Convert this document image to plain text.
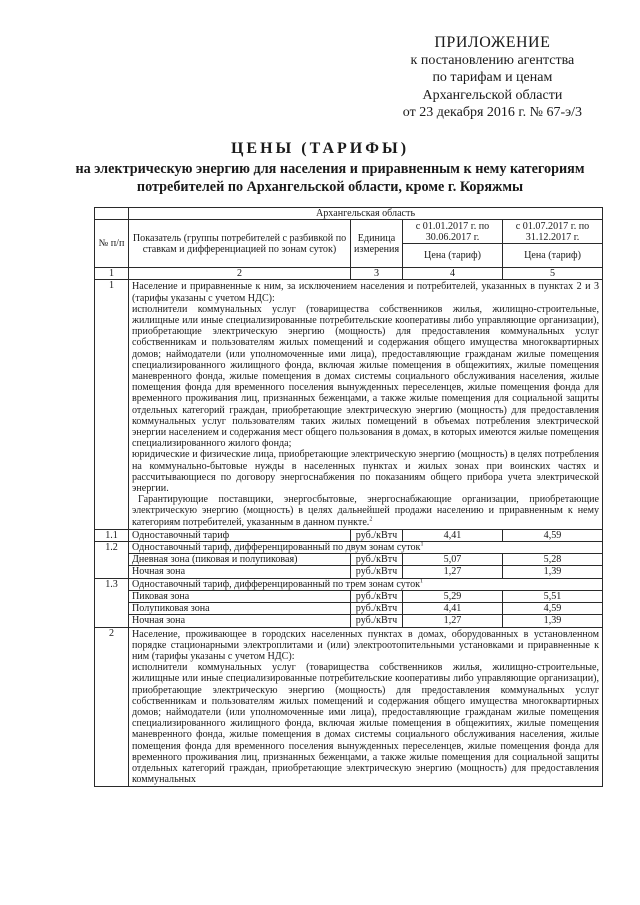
ПРИЛОЖЕНИЕ
к постановлению агентства
по тарифам и ценам
Архангельской области
от 23 декабря 2016 г. № 67-э/3
ЦЕНЫ (ТАРИФЫ)
на электрическую энергию для населения и приравненным к нему категориям потребителей по Архангельской области, кроме г. Коряжмы
	Архангельская область			
№ п/п	Показатель (группы потребителей с разбивкой по ставкам и дифференциацией по зонам суток)	Единица измерения	с 01.01.2017 г. по 30.06.2017 г.	с 01.07.2017 г. по 31.12.2017 г.
			Цена (тариф)	Цена (тариф)
1	2	3	4	5
1	Население и приравненные к ним, за исключением населения и потребителей, указанных в пунктах 2 и 3 (тарифы указаны с учетом НДС):

исполнители коммунальных услуг (товарищества собственников жилья, жилищно-строительные, жилищные или иные специализированные потребительские кооперативы либо управляющие организации), приобретающие электрическую энергию (мощность) для предоставления коммунальных услуг собственникам и пользователям жилых помещений и содержания общего имущества многоквартирных домов; наймодатели (или уполномоченные ими лица), предоставляющие гражданам жилые помещения специализированного жилищного фонда, включая жилые помещения в общежитиях, жилые помещения маневренного фонда, жилые помещения в домах системы социального обслуживания населения, жилые помещения фонда для временного поселения вынужденных переселенцев, жилые помещения фонда для временного проживания лиц, признанных беженцами, а также жилые помещения для социальной защиты отдельных категорий граждан, приобретающие электрическую энергию (мощность) для предоставления коммунальных услуг пользователям таких жилых помещений в объемах потребления электрической энергии населением и содержания мест общего пользования в домах, в которых имеются жилые помещения специализированного жилого фонда;

юридические и физические лица, приобретающие электрическую энергию (мощность) в целях потребления на коммунально-бытовые нужды в населенных пунктах и жилых зонах при воинских частях и рассчитывающиеся по договору энергоснабжения по показаниям общего прибора учета электрической энергии.

Гарантирующие поставщики, энергосбытовые, энергоснабжающие организации, приобретающие электрическую энергию (мощность) в целях дальнейшей продажи населению и приравненным к нему категориям потребителей, указанным в данном пункте.$^2$

1.1	Одноставочный тариф	руб./кВтч	4,41	4,59
1.2	Одноставочный тариф, дифференцированный по двум зонам суток$^1$
	Дневная зона (пиковая и полупиковая)	руб./кВтч	5,07	5,28
	Ночная зона	руб./кВтч	1,27	1,39
1.3	Одноставочный тариф, дифференцированный по трем зонам суток$^1$
	Пиковая зона	руб./кВтч	5,29	5,51
	Полупиковая зона	руб./кВтч	4,41	4,59
	Ночная зона	руб./кВтч	1,27	1,39
2	Население, проживающее в городских населенных пунктах в домах, оборудованных в установленном порядке стационарными электроплитами и (или) электроотопительными установками и приравненные к ним (тарифы указаны с учетом НДС):

исполнители коммунальных услуг (товарищества собственников жилья, жилищно-строительные, жилищные или иные специализированные потребительские кооперативы либо управляющие организации), приобретающие электрическую энергию (мощность) для предоставления коммунальных услуг собственникам и пользователям жилых помещений и содержания общего имущества многоквартирных домов; наймодатели (или уполномоченные ими лица), предоставляющие гражданам жилые помещения специализированного жилищного фонда, включая жилые помещения в общежитиях, жилые помещения маневренного фонда, жилые помещения в домах системы социального обслуживания населения, жилые помещения фонда для временного поселения вынужденных переселенцев, жилые помещения фонда для временного проживания лиц, признанных беженцами, а также жилые помещения для социальной защиты отдельных категорий граждан, приобретающие электрическую энергию (мощность) для предоставления коммунальных			
